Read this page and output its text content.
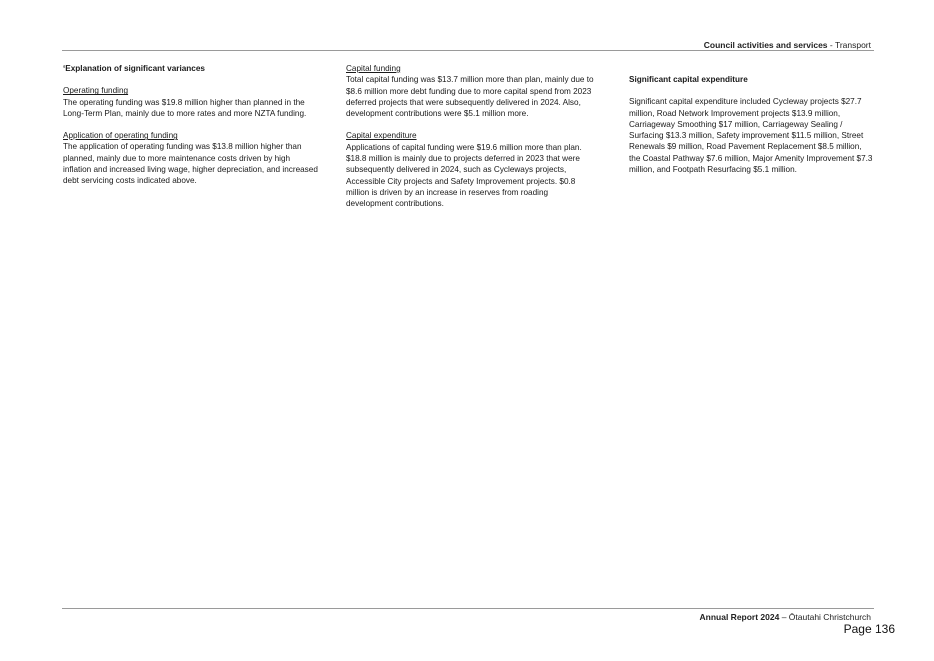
Council activities and services - Transport

‘Explanation of significant variances

Operating funding

The operating funding was $19.8 million higher than planned in the Long-Term Plan, mainly due to more rates and more NZTA funding.

Application of operating funding

The application of operating funding was $13.8 million higher than planned, mainly due to more maintenance costs driven by high inflation and increased living wage, higher depreciation, and increased debt servicing costs indicated above.

Capital funding

Total capital funding was $13.7 million more than plan, mainly due to $8.6 million more debt funding due to more capital spend from 2023 deferred projects that were subsequently delivered in 2024. Also, development contributions were $5.1 million more.

Capital expenditure

Applications of capital funding were $19.6 million more than plan. $18.8 million is mainly due to projects deferred in 2023 that were subsequently delivered in 2024, such as Cycleways projects, Accessible City projects and Safety Improvement projects. $0.8 million is driven by an increase in reserves from roading development contributions.

Significant capital expenditure

Significant capital expenditure included Cycleway projects $27.7 million, Road Network Improvement projects $13.9 million, Carriageway Smoothing $17 million, Carriageway Sealing / Surfacing $13.3 million, Safety improvement $11.5 million, Street Renewals $9 million, Road Pavement Replacement $8.5 million, the Coastal Pathway $7.6 million, Major Amenity Improvement $7.3 million, and Footpath Resurfacing $5.1 million.

Annual Report 2024 – Ōtautahi Christchurch
Page 136
